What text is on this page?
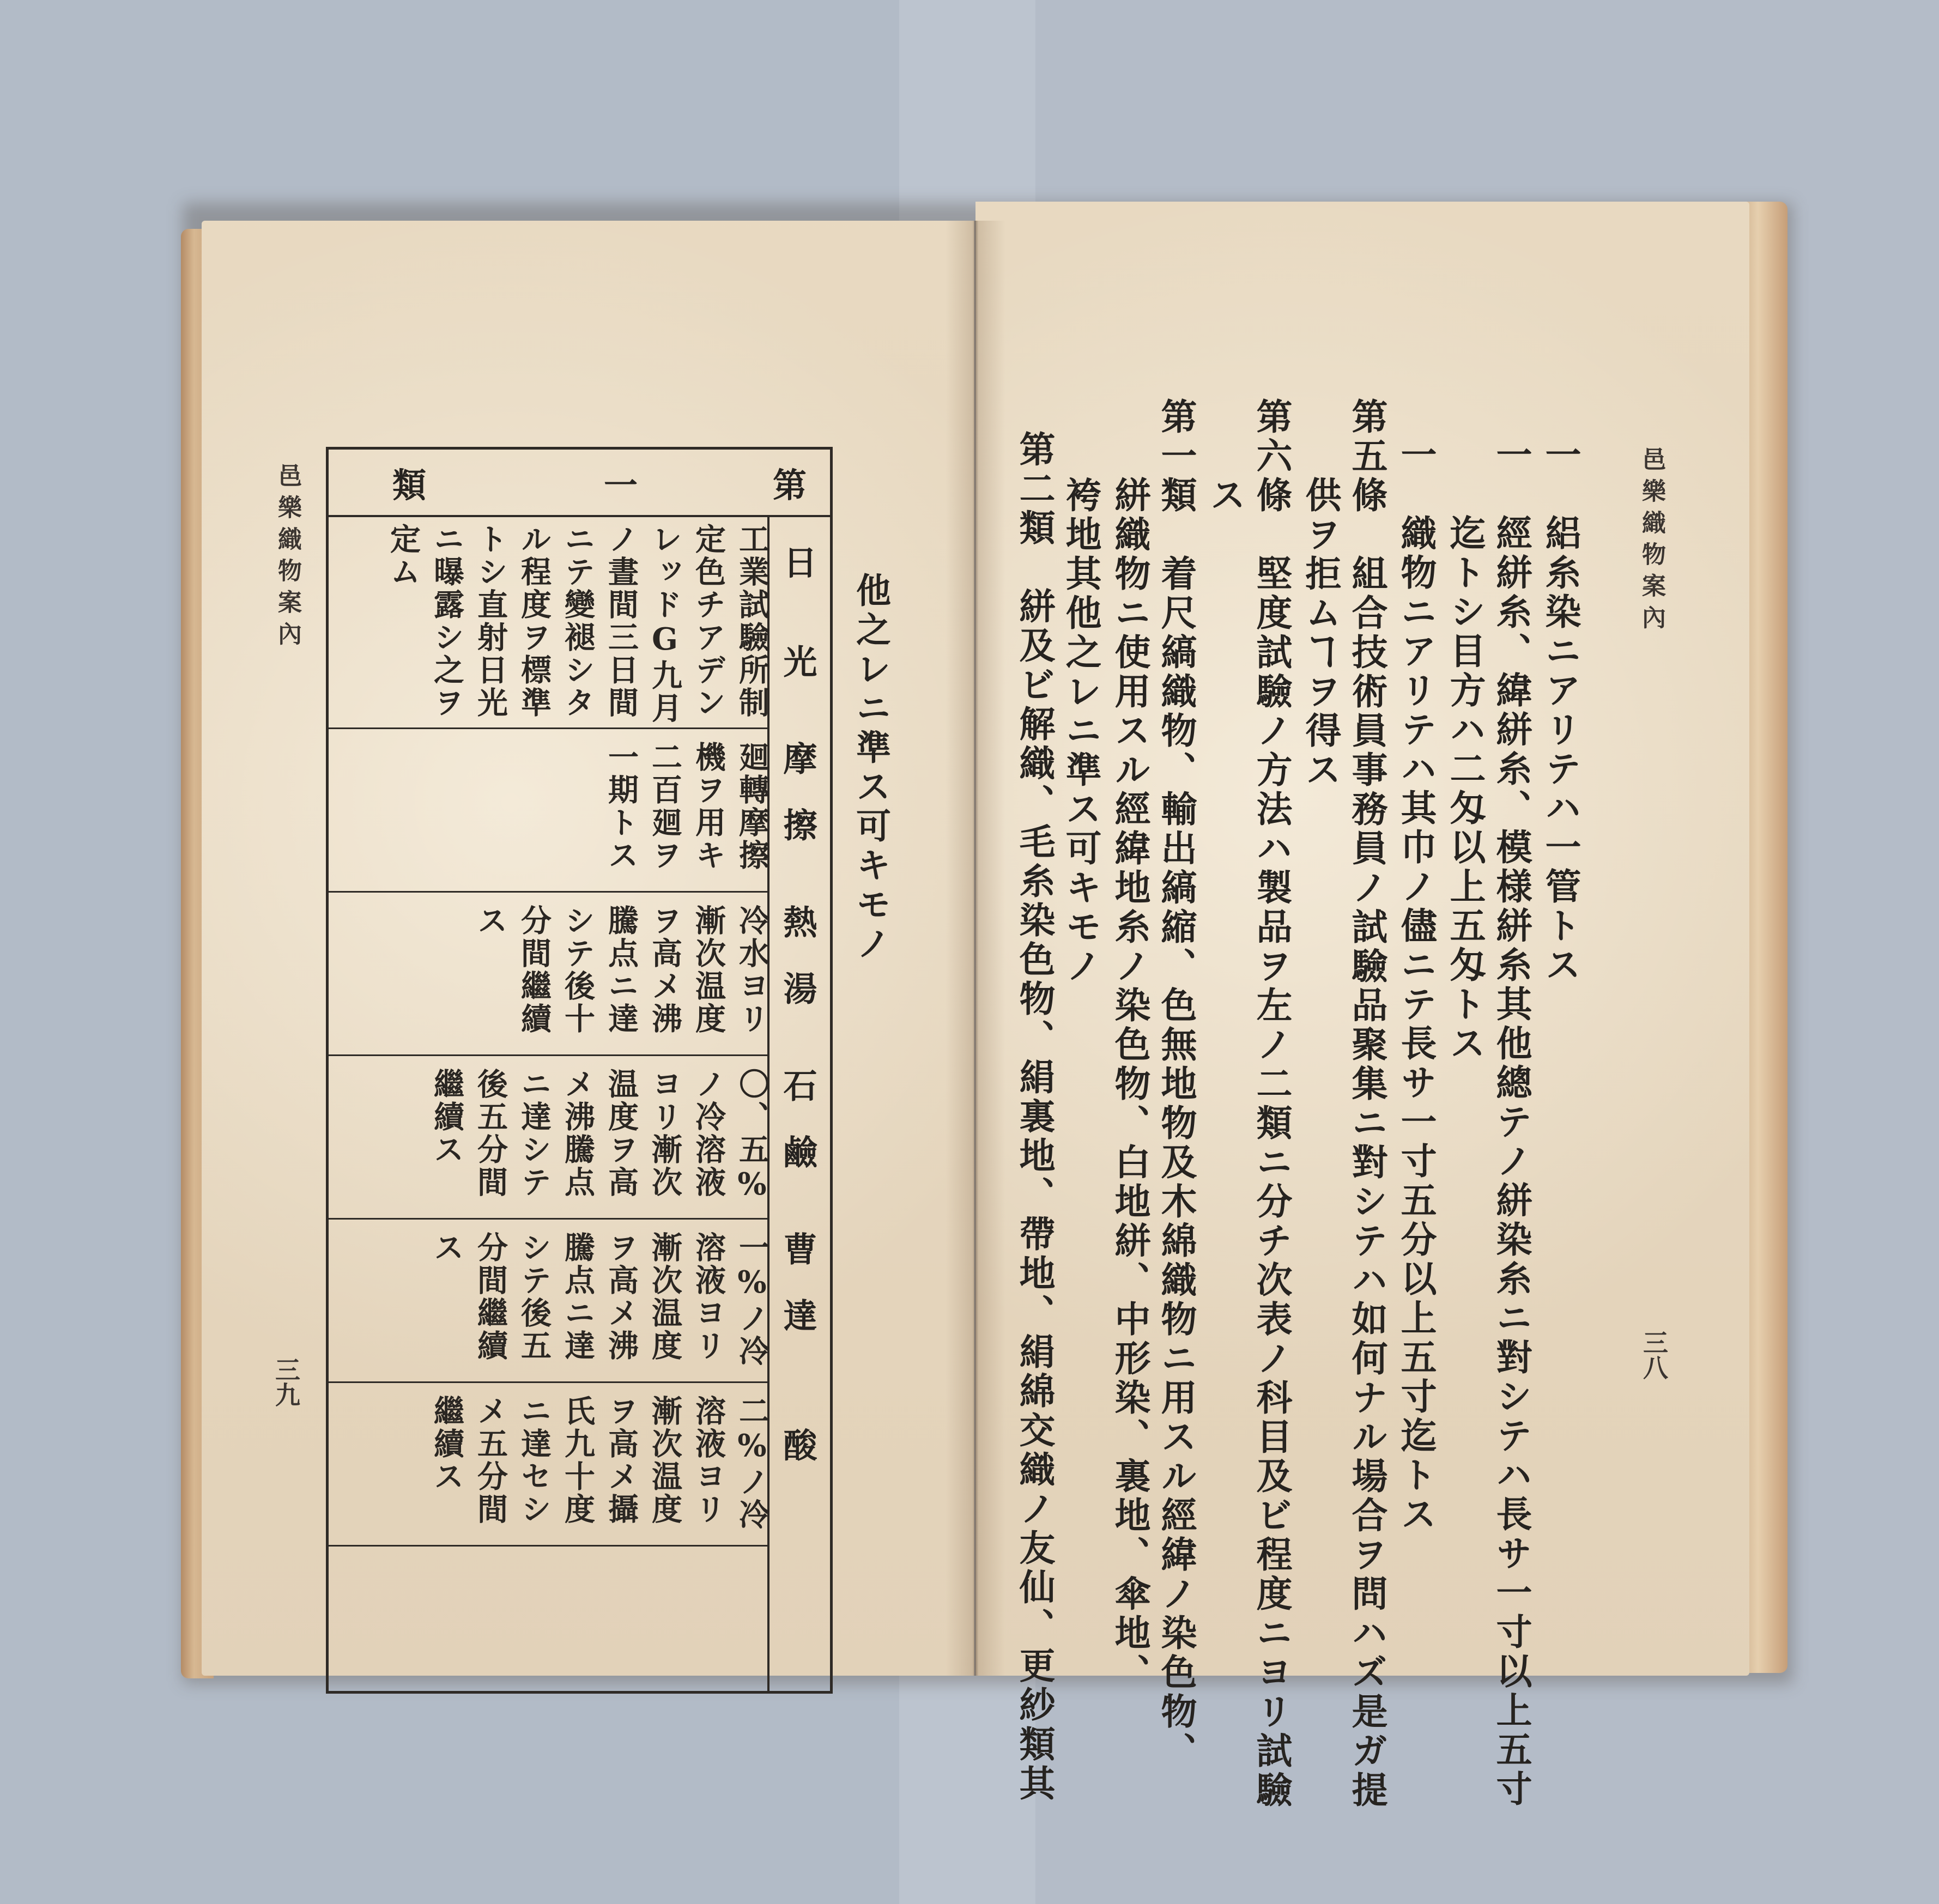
邑樂織物案內
三九
他之レニ準ス可キモノ
第
一
類
日光
摩擦
熱湯
石鹼
曹達
酸
工業試驗所制定色チアデンレッドG九月ノ晝間三日間ニテ變褪シタル程度ヲ標準トシ直射日光ニ曝露シ之ヲ定ム
廻轉摩擦機ヲ用キ二百廻ヲ一期トス
冷水ヨリ漸次温度ヲ高メ沸騰点ニ達シテ後十分間繼續ス
〇、五%ノ冷溶液ヨリ漸次温度ヲ高メ沸騰点ニ達シテ後五分間繼續ス
一%ノ冷溶液ヨリ漸次温度ヲ高メ沸騰点ニ達シテ後五分間繼續ス
二%ノ冷溶液ヨリ漸次温度ヲ高メ攝氏九十度ニ達セシメ五分間繼續ス
邑樂織物案內
三八
一　絽糸染ニアリテハ一管トス
一　經絣糸、緯絣糸、模様絣糸其他總テノ絣染糸ニ對シテハ長サ一寸以上五寸
　　迄トシ目方ハ二匁以上五匁トス
一　織物ニアリテハ其巾ノ儘ニテ長サ一寸五分以上五寸迄トス
第五條　組合技術員事務員ノ試驗品聚集ニ對シテハ如何ナル場合ヲ問ハズ是ガ提
　　供ヲ拒ムヿヲ得ス
第六條　堅度試驗ノ方法ハ製品ヲ左ノ二類ニ分チ次表ノ科目及ビ程度ニヨリ試驗
　　ス
第一類　着尺縞織物、輸出縞縮、色無地物及木綿織物ニ用スル經緯ノ染色物、
　　絣織物ニ使用スル經緯地糸ノ染色物、白地絣、中形染、裏地、傘地、
　　袴地其他之レニ準ス可キモノ
第二類　絣及ビ解織、毛糸染色物、絹裏地、帶地、絹綿交織ノ友仙、更紗類其
